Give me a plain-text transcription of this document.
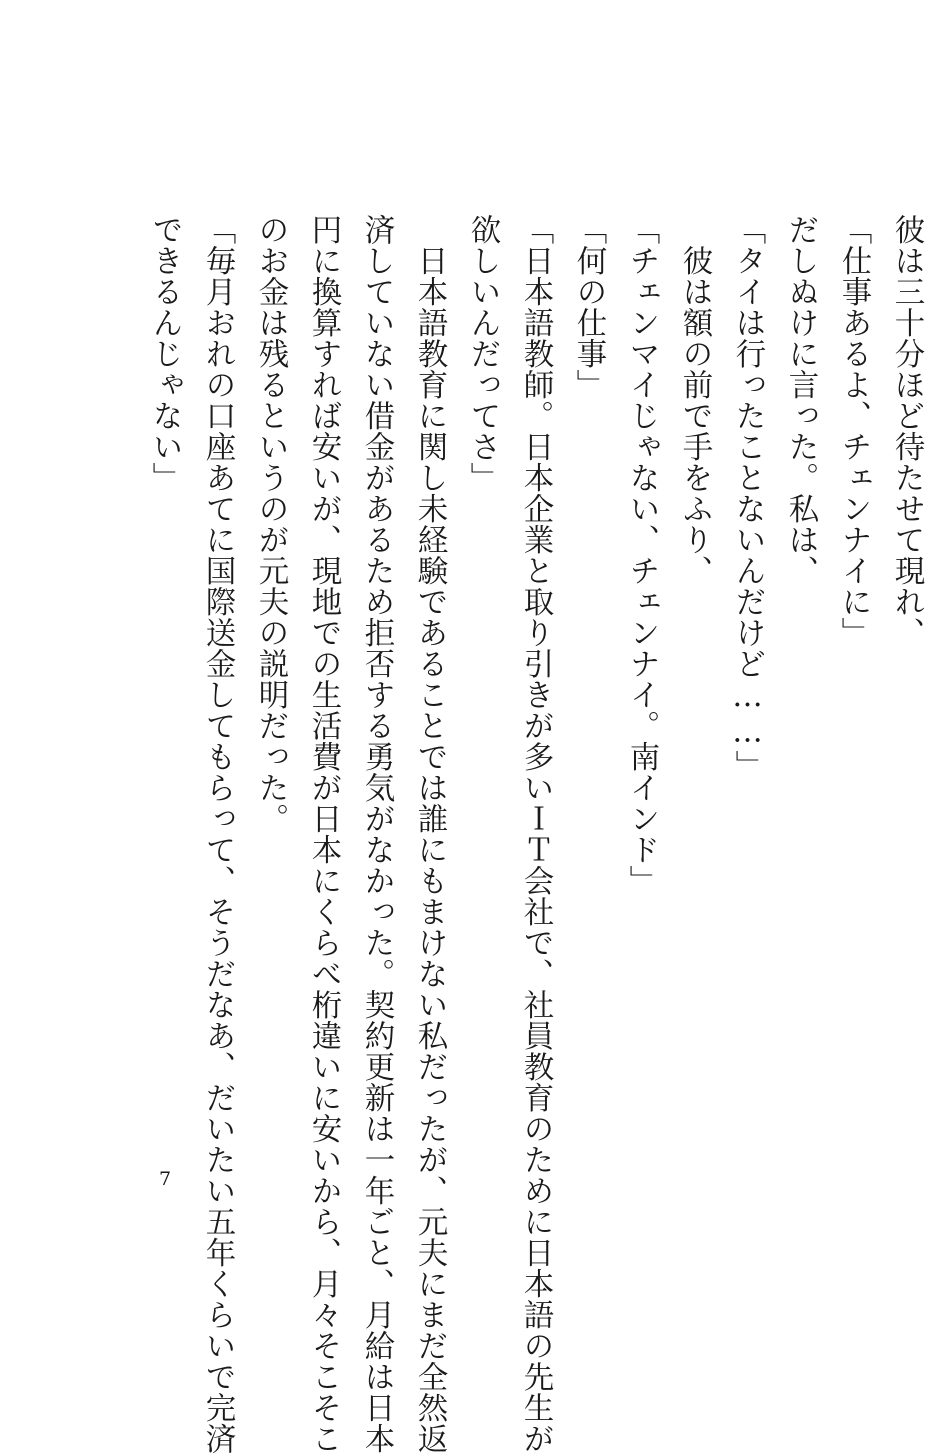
彼は三十分ほど待たせて現れ、
「仕事あるよ、チェンナイに」
だしぬけに言った。私は、
「タイは行ったことないんだけど……」
　彼は額の前で手をふり、
「チェンマイじゃない、チェンナイ。南インド」
「何の仕事」
「日本語教師。日本企業と取り引きが多いＩＴ会社で、社員教育のために日本語の先生が
欲しいんだってさ」
　日本語教育に関し未経験であることでは誰にもまけない私だったが、元夫にまだ全然返
済していない借金があるため拒否する勇気がなかった。契約更新は一年ごと、月給は日本
円に換算すれば安いが、現地での生活費が日本にくらべ桁違いに安いから、月々そこそこ
のお金は残るというのが元夫の説明だった。
「毎月おれの口座あてに国際送金してもらって、そうだなあ、だいたい五年くらいで完済
できるんじゃない」
7
